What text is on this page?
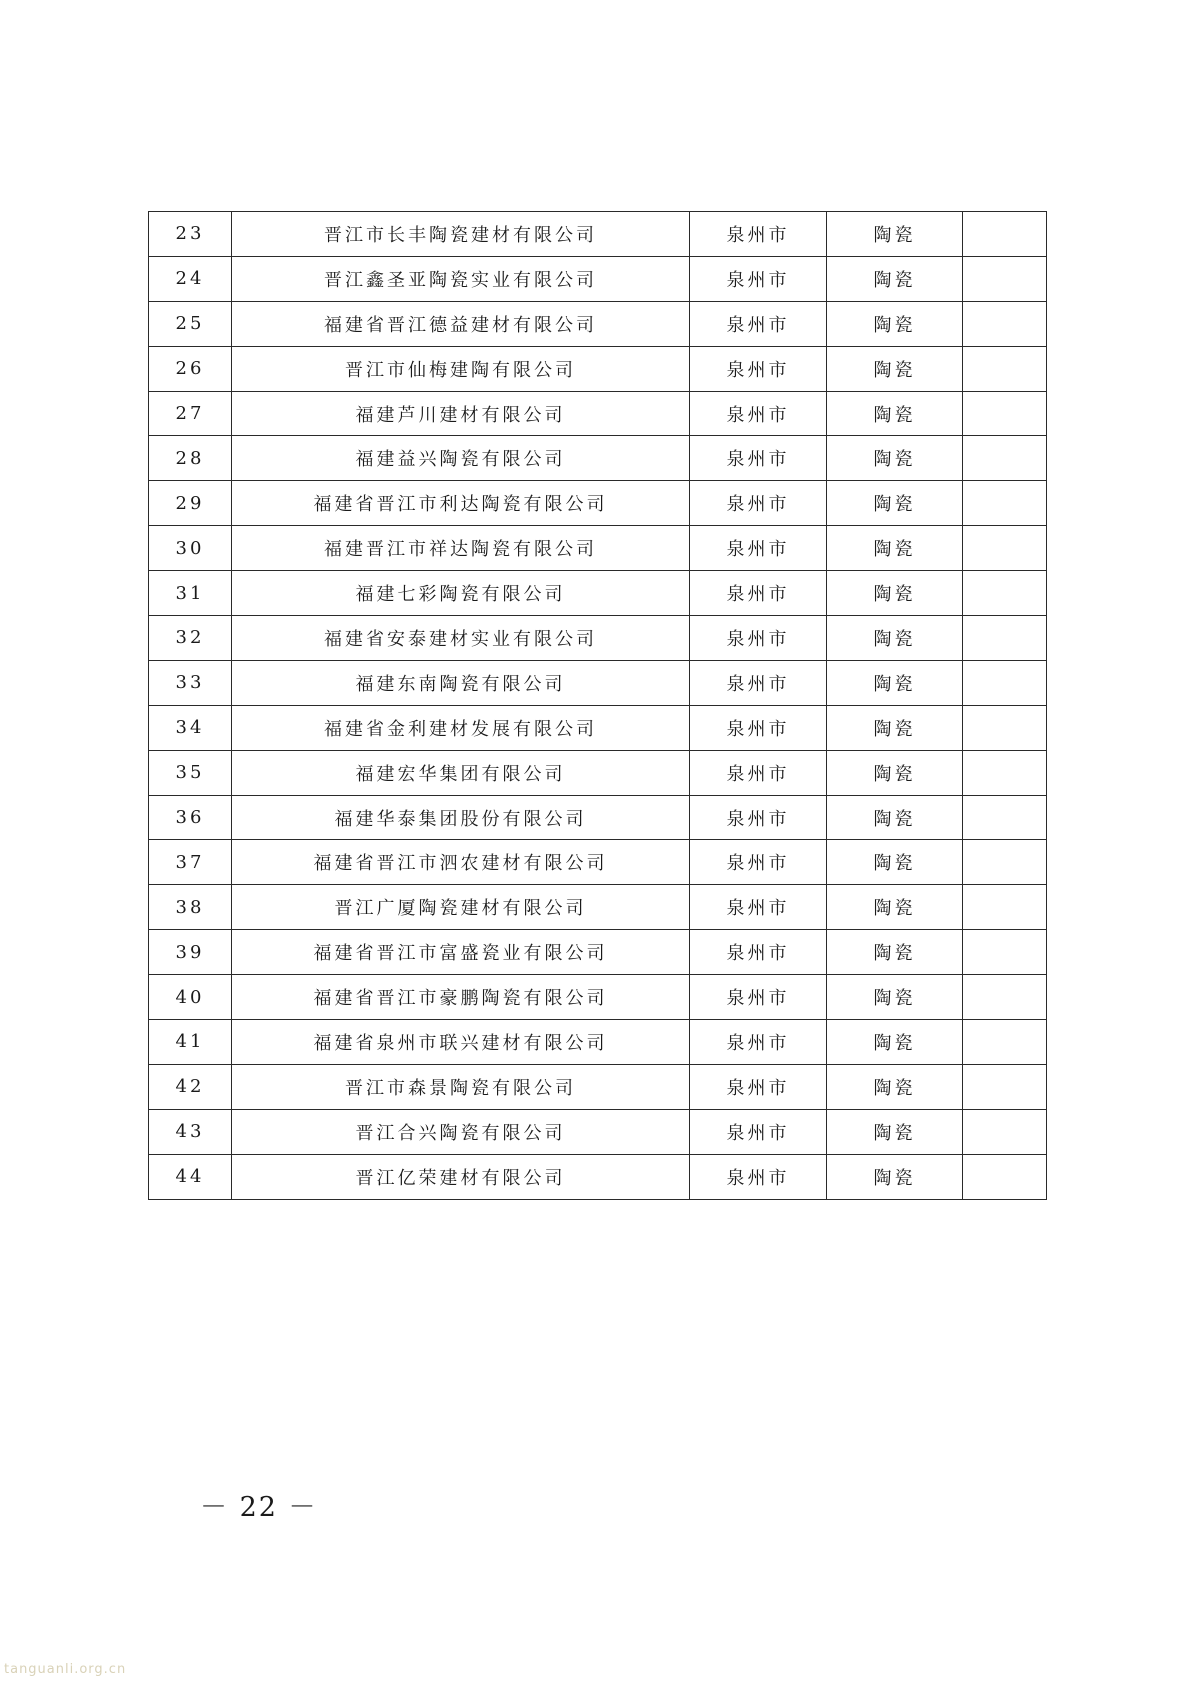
23	晋江市长丰陶瓷建材有限公司	泉州市	陶瓷	
24	晋江鑫圣亚陶瓷实业有限公司	泉州市	陶瓷	
25	福建省晋江德益建材有限公司	泉州市	陶瓷	
26	晋江市仙梅建陶有限公司	泉州市	陶瓷	
27	福建芦川建材有限公司	泉州市	陶瓷	
28	福建益兴陶瓷有限公司	泉州市	陶瓷	
29	福建省晋江市利达陶瓷有限公司	泉州市	陶瓷	
30	福建晋江市祥达陶瓷有限公司	泉州市	陶瓷	
31	福建七彩陶瓷有限公司	泉州市	陶瓷	
32	福建省安泰建材实业有限公司	泉州市	陶瓷	
33	福建东南陶瓷有限公司	泉州市	陶瓷	
34	福建省金利建材发展有限公司	泉州市	陶瓷	
35	福建宏华集团有限公司	泉州市	陶瓷	
36	福建华泰集团股份有限公司	泉州市	陶瓷	
37	福建省晋江市泗农建材有限公司	泉州市	陶瓷	
38	晋江广厦陶瓷建材有限公司	泉州市	陶瓷	
39	福建省晋江市富盛瓷业有限公司	泉州市	陶瓷	
40	福建省晋江市豪鹏陶瓷有限公司	泉州市	陶瓷	
41	福建省泉州市联兴建材有限公司	泉州市	陶瓷	
42	晋江市森景陶瓷有限公司	泉州市	陶瓷	
43	晋江合兴陶瓷有限公司	泉州市	陶瓷	
44	晋江亿荣建材有限公司	泉州市	陶瓷	
－ 22 －
tanguanli.org.cn
